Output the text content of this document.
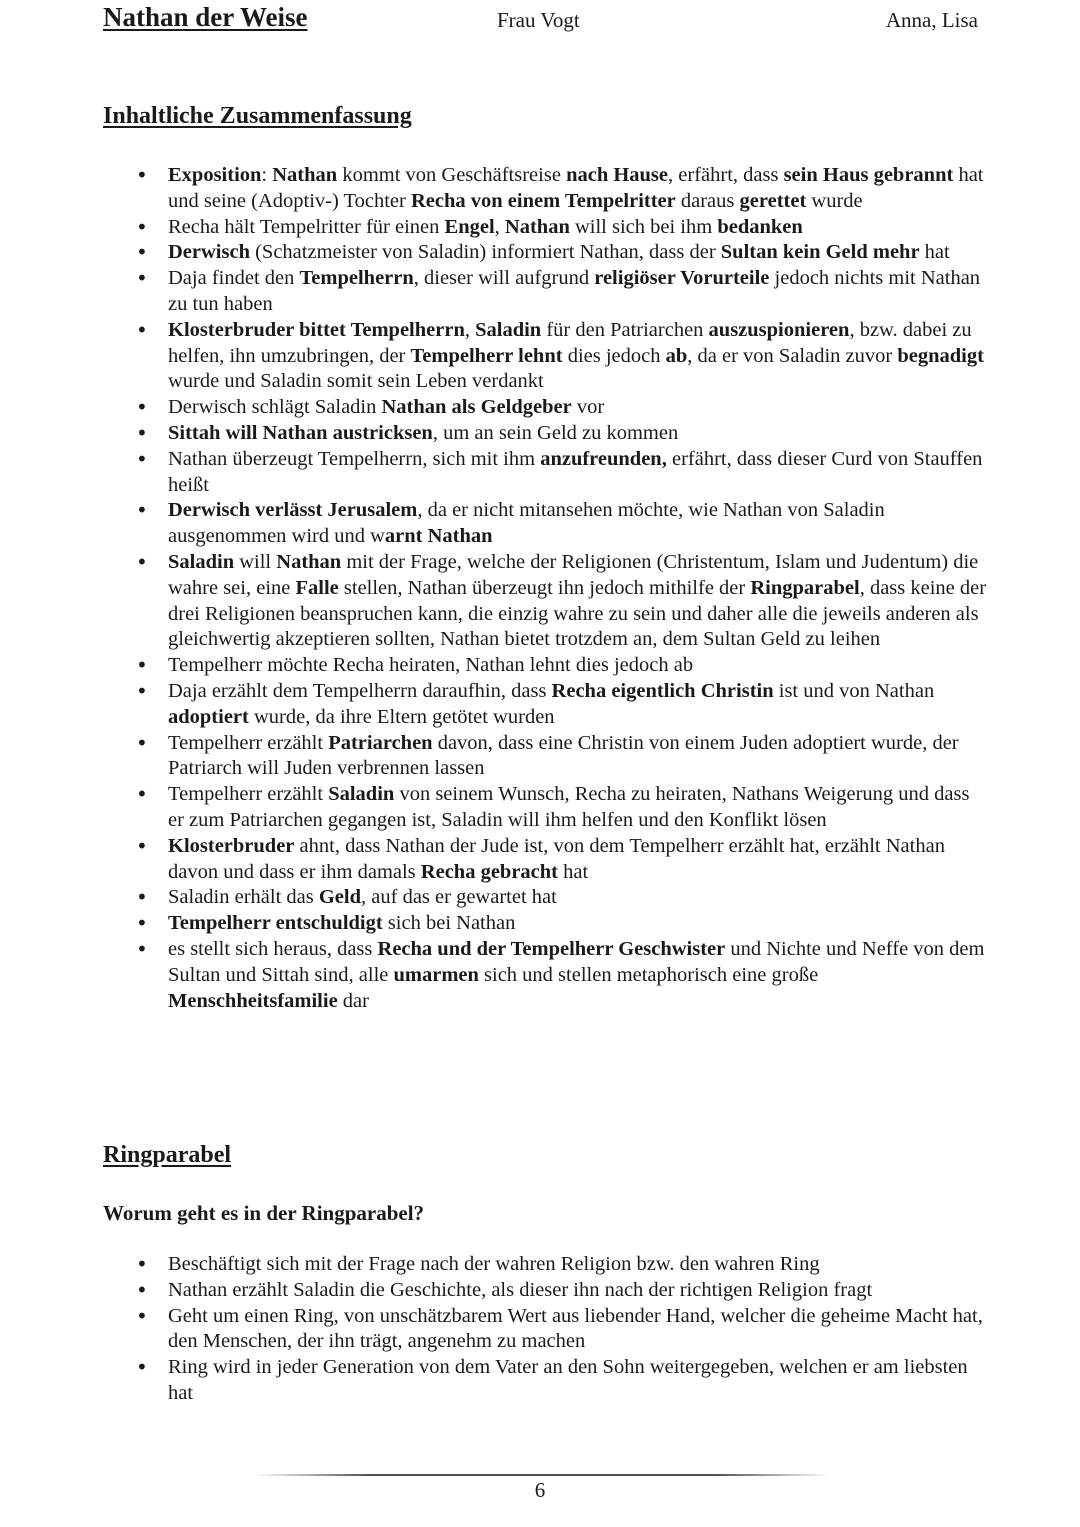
Nathan der Weise	Frau Vogt	Anna, Lisa
Inhaltliche Zusammenfassung
• Exposition: Nathan kommt von Geschäftsreise nach Hause, erfährt, dass sein Haus gebrannt hat und seine (Adoptiv-) Tochter Recha von einem Tempelritter daraus gerettet wurde
• Recha hält Tempelritter für einen Engel, Nathan will sich bei ihm bedanken
• Derwisch (Schatzmeister von Saladin) informiert Nathan, dass der Sultan kein Geld mehr hat
• Daja findet den Tempelherrn, dieser will aufgrund religiöser Vorurteile jedoch nichts mit Nathan zu tun haben
• Klosterbruder bittet Tempelherrn, Saladin für den Patriarchen auszuspionieren, bzw. dabei zu helfen, ihn umzubringen, der Tempelherr lehnt dies jedoch ab, da er von Saladin zuvor begnadigt wurde und Saladin somit sein Leben verdankt
• Derwisch schlägt Saladin Nathan als Geldgeber vor
• Sittah will Nathan austricksen, um an sein Geld zu kommen
• Nathan überzeugt Tempelherrn, sich mit ihm anzufreunden, erfährt, dass dieser Curd von Stauffen heißt
• Derwisch verlässt Jerusalem, da er nicht mitansehen möchte, wie Nathan von Saladin ausgenommen wird und warnt Nathan
• Saladin will Nathan mit der Frage, welche der Religionen (Christentum, Islam und Judentum) die wahre sei, eine Falle stellen, Nathan überzeugt ihn jedoch mithilfe der Ringparabel, dass keine der drei Religionen beanspruchen kann, die einzig wahre zu sein und daher alle die jeweils anderen als gleichwertig akzeptieren sollten, Nathan bietet trotzdem an, dem Sultan Geld zu leihen
• Tempelherr möchte Recha heiraten, Nathan lehnt dies jedoch ab
• Daja erzählt dem Tempelherrn daraufhin, dass Recha eigentlich Christin ist und von Nathan adoptiert wurde, da ihre Eltern getötet wurden
• Tempelherr erzählt Patriarchen davon, dass eine Christin von einem Juden adoptiert wurde, der Patriarch will Juden verbrennen lassen
• Tempelherr erzählt Saladin von seinem Wunsch, Recha zu heiraten, Nathans Weigerung und dass er zum Patriarchen gegangen ist, Saladin will ihm helfen und den Konflikt lösen
• Klosterbruder ahnt, dass Nathan der Jude ist, von dem Tempelherr erzählt hat, erzählt Nathan davon und dass er ihm damals Recha gebracht hat
• Saladin erhält das Geld, auf das er gewartet hat
• Tempelherr entschuldigt sich bei Nathan
• es stellt sich heraus, dass Recha und der Tempelherr Geschwister und Nichte und Neffe von dem Sultan und Sittah sind, alle umarmen sich und stellen metaphorisch eine große Menschheitsfamilie dar
Ringparabel
Worum geht es in der Ringparabel?
• Beschäftigt sich mit der Frage nach der wahren Religion bzw. den wahren Ring
• Nathan erzählt Saladin die Geschichte, als dieser ihn nach der richtigen Religion fragt
• Geht um einen Ring, von unschätzbarem Wert aus liebender Hand, welcher die geheime Macht hat, den Menschen, der ihn trägt, angenehm zu machen
• Ring wird in jeder Generation von dem Vater an den Sohn weitergegeben, welchen er am liebsten hat
6
